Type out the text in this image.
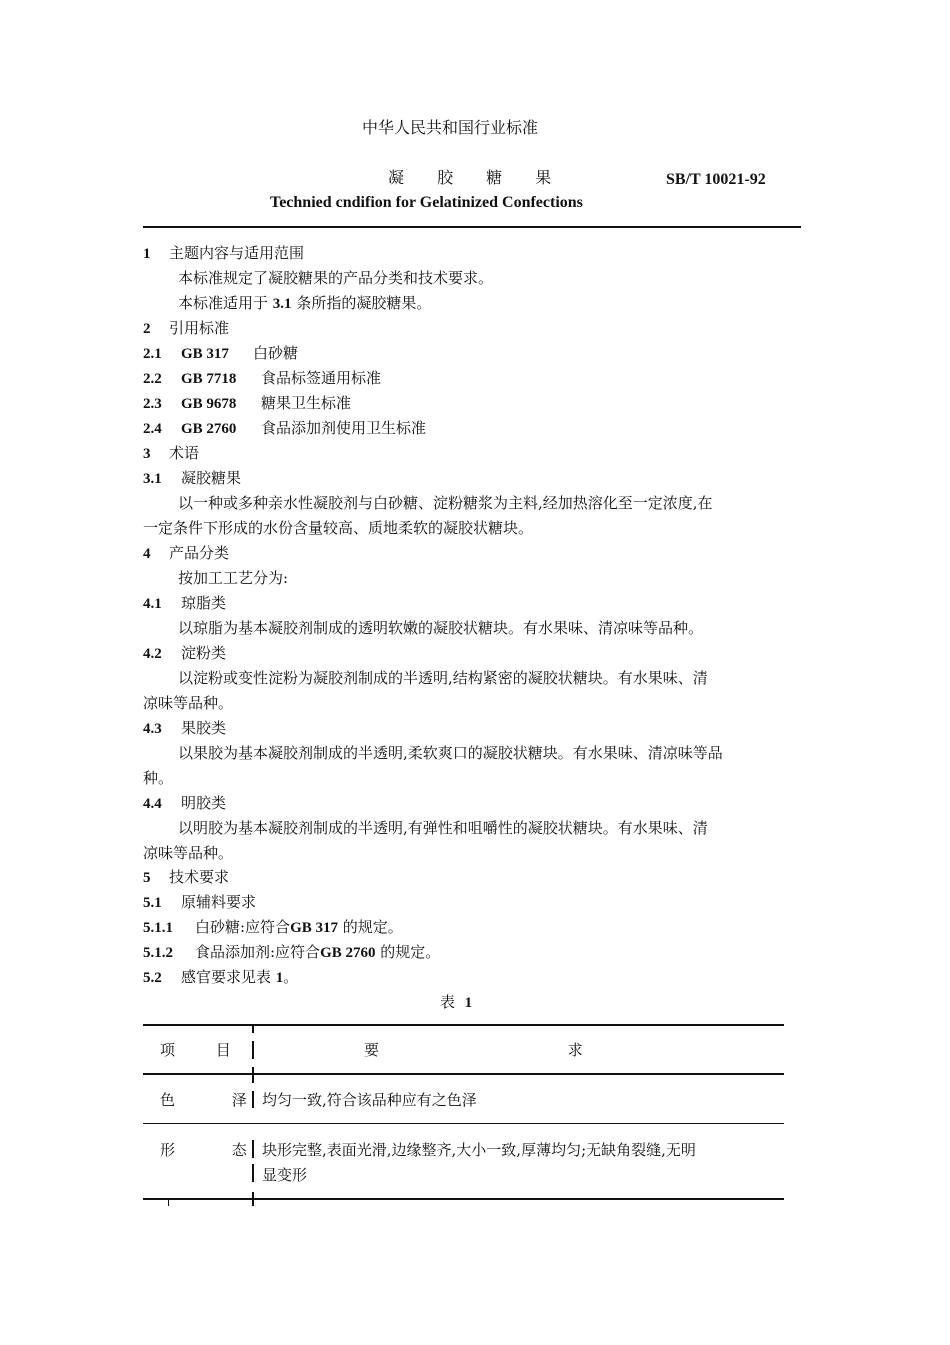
中华人民共和国行业标准
凝 胶 糖 果	SB/T 10021-92
Technied cndifion for Gelatinized Confections
1 主题内容与适用范围
本标准规定了凝胶糖果的产品分类和技术要求。
本标准适用于 3.1 条所指的凝胶糖果。
2 引用标准
2.1 GB 317 白砂糖
2.2 GB 7718 食品标签通用标准
2.3 GB 9678 糖果卫生标准
2.4 GB 2760 食品添加剂使用卫生标准
3 术语
3.1 凝胶糖果
以一种或多种亲水性凝胶剂与白砂糖、淀粉糖浆为主料,经加热溶化至一定浓度,在
一定条件下形成的水份含量较高、质地柔软的凝胶状糖块。
4 产品分类
按加工工艺分为:
4.1 琼脂类
以琼脂为基本凝胶剂制成的透明软嫩的凝胶状糖块。有水果味、清凉味等品种。
4.2 淀粉类
以淀粉或变性淀粉为凝胶剂制成的半透明,结构紧密的凝胶状糖块。有水果味、清
凉味等品种。
4.3 果胶类
以果胶为基本凝胶剂制成的半透明,柔软爽口的凝胶状糖块。有水果味、清凉味等品
种。
4.4 明胶类
以明胶为基本凝胶剂制成的半透明,有弹性和咀嚼性的凝胶状糖块。有水果味、清
凉味等品种。
5 技术要求
5.1 原辅料要求
5.1.1 白砂糖:应符合GB 317 的规定。
5.1.2 食品添加剂:应符合GB 2760 的规定。
5.2 感官要求见表 1。
表 1
项 目	要 求
色 泽
均匀一致,符合该品种应有之色泽
形 态
块形完整,表面光滑,边缘整齐,大小一致,厚薄均匀;无缺角裂缝,无明
显变形
